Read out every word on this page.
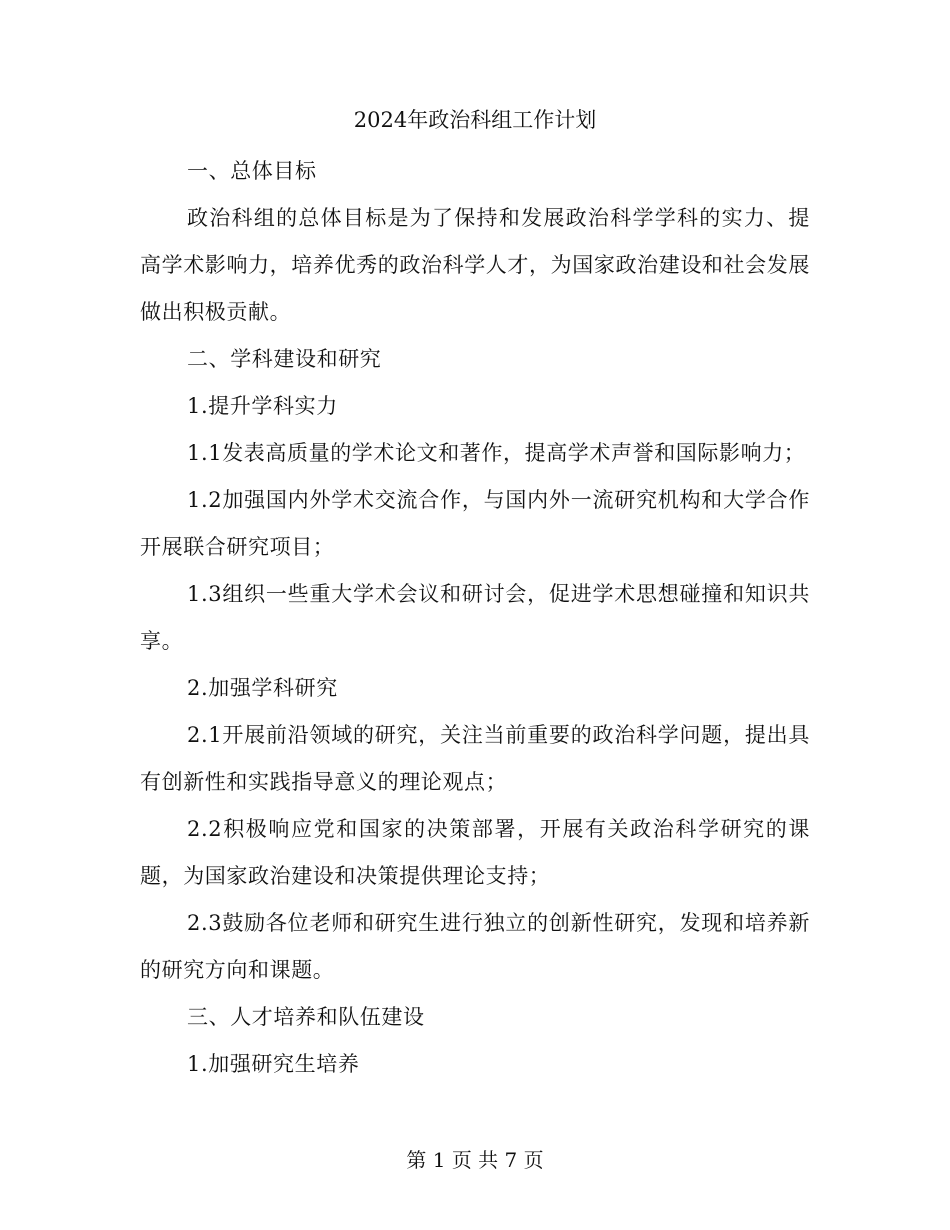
2024年政治科组工作计划

一、总体目标

政治科组的总体目标是为了保持和发展政治科学学科的实力、提高学术影响力，培养优秀的政治科学人才，为国家政治建设和社会发展做出积极贡献。

二、学科建设和研究

1.提升学科实力

1.1发表高质量的学术论文和著作，提高学术声誉和国际影响力；

1.2加强国内外学术交流合作，与国内外一流研究机构和大学合作开展联合研究项目；

1.3组织一些重大学术会议和研讨会，促进学术思想碰撞和知识共享。

2.加强学科研究

2.1开展前沿领域的研究，关注当前重要的政治科学问题，提出具有创新性和实践指导意义的理论观点；

2.2积极响应党和国家的决策部署，开展有关政治科学研究的课题，为国家政治建设和决策提供理论支持；

2.3鼓励各位老师和研究生进行独立的创新性研究，发现和培养新的研究方向和课题。

三、人才培养和队伍建设

1.加强研究生培养

第 1 页 共 7 页
